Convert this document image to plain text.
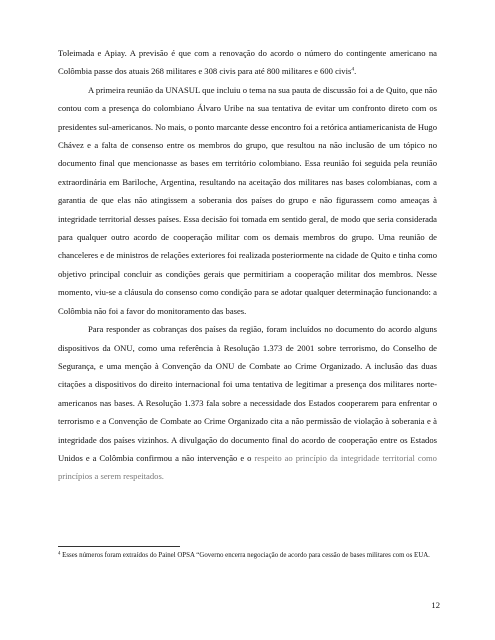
Toleimada e Apiay. A previsão é que com a renovação do acordo o número do contingente americano na Colômbia passe dos atuais 268 militares e 308 civis para até 800 militares e 600 civis$^4$.

A primeira reunião da UNASUL que incluiu o tema na sua pauta de discussão foi a de Quito, que não contou com a presença do colombiano Álvaro Uribe na sua tentativa de evitar um confronto direto com os presidentes sul-americanos. No mais, o ponto marcante desse encontro foi a retórica antiamericanista de Hugo Chávez e a falta de consenso entre os membros do grupo, que resultou na não inclusão de um tópico no documento final que mencionasse as bases em território colombiano. Essa reunião foi seguida pela reunião extraordinária em Bariloche, Argentina, resultando na aceitação dos militares nas bases colombianas, com a garantia de que elas não atingissem a soberania dos países do grupo e não figurassem como ameaças à integridade territorial desses países. Essa decisão foi tomada em sentido geral, de modo que seria considerada para qualquer outro acordo de cooperação militar com os demais membros do grupo. Uma reunião de chanceleres e de ministros de relações exteriores foi realizada posteriormente na cidade de Quito e tinha como objetivo principal concluir as condições gerais que permitiriam a cooperação militar dos membros. Nesse momento, viu-se a cláusula do consenso como condição para se adotar qualquer determinação funcionando: a Colômbia não foi a favor do monitoramento das bases.

Para responder as cobranças dos países da região, foram incluídos no documento do acordo alguns dispositivos da ONU, como uma referência à Resolução 1.373 de 2001 sobre terrorismo, do Conselho de Segurança, e uma menção à Convenção da ONU de Combate ao Crime Organizado. A inclusão das duas citações a dispositivos do direito internacional foi uma tentativa de legitimar a presença dos militares norte-americanos nas bases. A Resolução 1.373 fala sobre a necessidade dos Estados cooperarem para enfrentar o terrorismo e a Convenção de Combate ao Crime Organizado cita a não permissão de violação à soberania e à integridade dos países vizinhos. A divulgação do documento final do acordo de cooperação entre os Estados Unidos e a Colômbia confirmou a não intervenção e o respeito ao princípio da integridade territorial como princípios a serem respeitados.

$^4$ Esses números foram extraídos do Painel OPSA “Governo encerra negociação de acordo para cessão de bases militares com os EUA.
12
